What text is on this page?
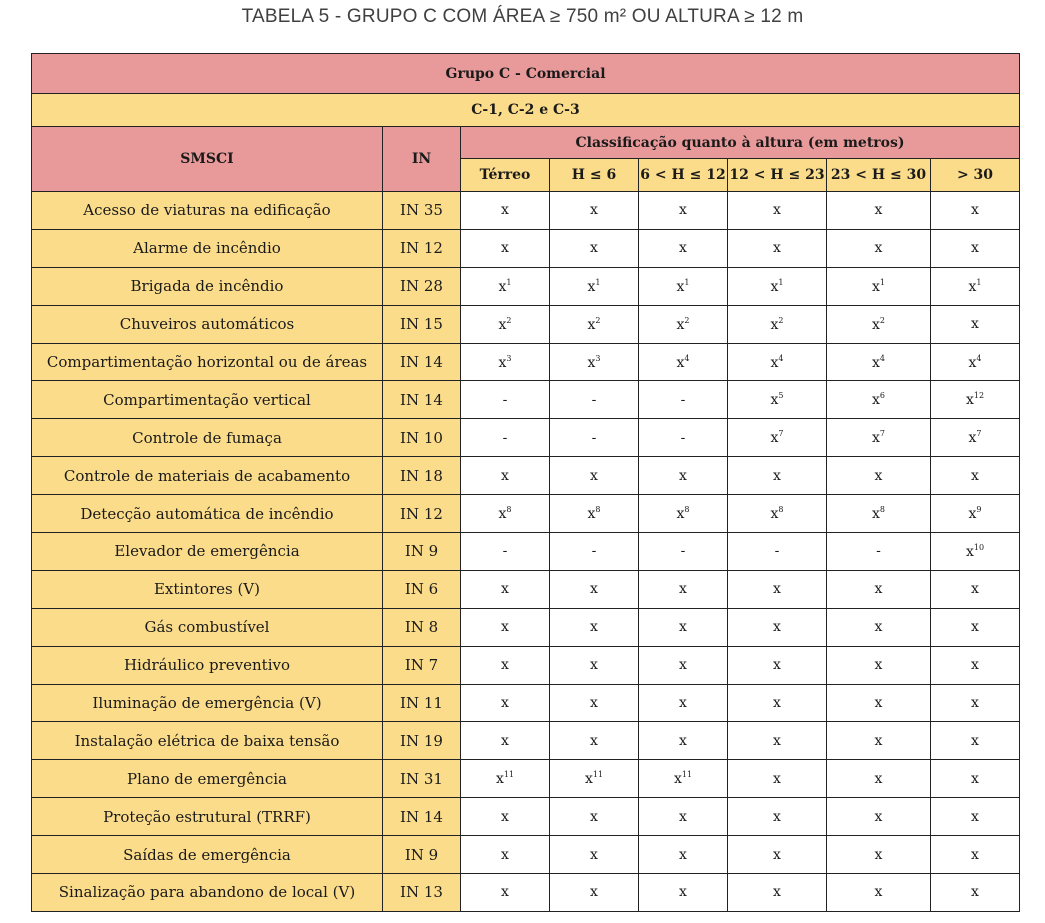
TABELA 5 - GRUPO C COM ÁREA ≥ 750 m² OU ALTURA ≥ 12 m
Grupo C - Comercial							
C-1, C-2 e C-3							
SMSCI	IN	Classificação quanto à altura (em metros)					
		Térreo	H ≤ 6	6 < H ≤ 12	12 < H ≤ 23	23 < H ≤ 30	> 30
Acesso de viaturas na edificação	IN 35	x	x	x	x	x	x
Alarme de incêndio	IN 12	x	x	x	x	x	x
Brigada de incêndio	IN 28	$x^1$	$x^1$	$x^1$	$x^1$	$x^1$	$x^1$
Chuveiros automáticos	IN 15	$x^2$	$x^2$	$x^2$	$x^2$	$x^2$	x
Compartimentação horizontal ou de áreas	IN 14	$x^3$	$x^3$	$x^4$	$x^4$	$x^4$	$x^4$
Compartimentação vertical	IN 14	-	-	-	$x^5$	$x^6$	$x^{12}$
Controle de fumaça	IN 10	-	-	-	$x^7$	$x^7$	$x^7$
Controle de materiais de acabamento	IN 18	x	x	x	x	x	x
Detecção automática de incêndio	IN 12	$x^8$	$x^8$	$x^8$	$x^8$	$x^8$	$x^9$
Elevador de emergência	IN 9	-	-	-	-	-	$x^{10}$
Extintores (V)	IN 6	x	x	x	x	x	x
Gás combustível	IN 8	x	x	x	x	x	x
Hidráulico preventivo	IN 7	x	x	x	x	x	x
Iluminação de emergência (V)	IN 11	x	x	x	x	x	x
Instalação elétrica de baixa tensão	IN 19	x	x	x	x	x	x
Plano de emergência	IN 31	$x^{11}$	$x^{11}$	$x^{11}$	x	x	x
Proteção estrutural (TRRF)	IN 14	x	x	x	x	x	x
Saídas de emergência	IN 9	x	x	x	x	x	x
Sinalização para abandono de local (V)	IN 13	x	x	x	x	x	x
